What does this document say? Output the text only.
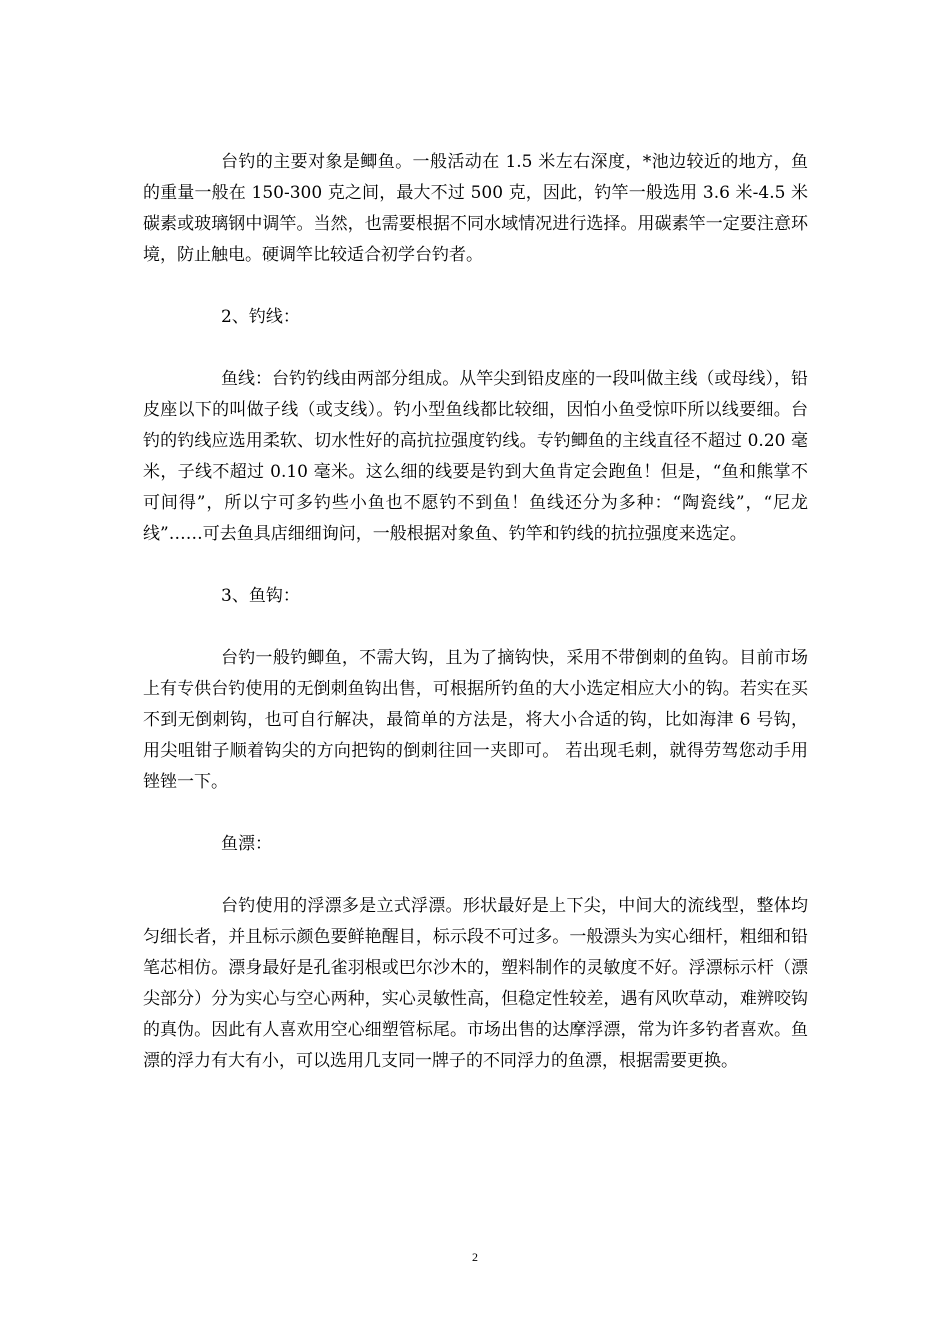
台钓的主要对象是鲫鱼。一般活动在 1.5 米左右深度，*池边较近的地方，鱼的重量一般在 150-300 克之间，最大不过 500 克，因此，钓竿一般选用 3.6 米-4.5 米碳素或玻璃钢中调竿。当然，也需要根据不同水域情况进行选择。用碳素竿一定要注意环境，防止触电。硬调竿比较适合初学台钓者。

2、钓线：

鱼线：台钓钓线由两部分组成。从竿尖到铅皮座的一段叫做主线（或母线），铅皮座以下的叫做子线（或支线）。钓小型鱼线都比较细，因怕小鱼受惊吓所以线要细。台钓的钓线应选用柔软、切水性好的高抗拉强度钓线。专钓鲫鱼的主线直径不超过 0.20 毫米，子线不超过 0.10 毫米。这么细的线要是钓到大鱼肯定会跑鱼！但是，“鱼和熊掌不可间得”，所以宁可多钓些小鱼也不愿钓不到鱼！鱼线还分为多种：“陶瓷线”，“尼龙线”……可去鱼具店细细询问，一般根据对象鱼、钓竿和钓线的抗拉强度来选定。

3、鱼钩：

台钓一般钓鲫鱼，不需大钩，且为了摘钩快，采用不带倒刺的鱼钩。目前市场上有专供台钓使用的无倒刺鱼钩出售，可根据所钓鱼的大小选定相应大小的钩。若实在买不到无倒刺钩，也可自行解决，最简单的方法是，将大小合适的钩，比如海津 6 号钩，用尖咀钳子顺着钩尖的方向把钩的倒刺往回一夹即可。 若出现毛刺，就得劳驾您动手用锉锉一下。

鱼漂：

台钓使用的浮漂多是立式浮漂。形状最好是上下尖，中间大的流线型，整体均匀细长者，并且标示颜色要鲜艳醒目，标示段不可过多。一般漂头为实心细杆，粗细和铅笔芯相仿。漂身最好是孔雀羽根或巴尔沙木的，塑料制作的灵敏度不好。浮漂标示杆（漂尖部分）分为实心与空心两种，实心灵敏性高，但稳定性较差，遇有风吹草动，难辨咬钩的真伪。因此有人喜欢用空心细塑管标尾。市场出售的达摩浮漂，常为许多钓者喜欢。鱼漂的浮力有大有小，可以选用几支同一牌子的不同浮力的鱼漂，根据需要更换。

2
